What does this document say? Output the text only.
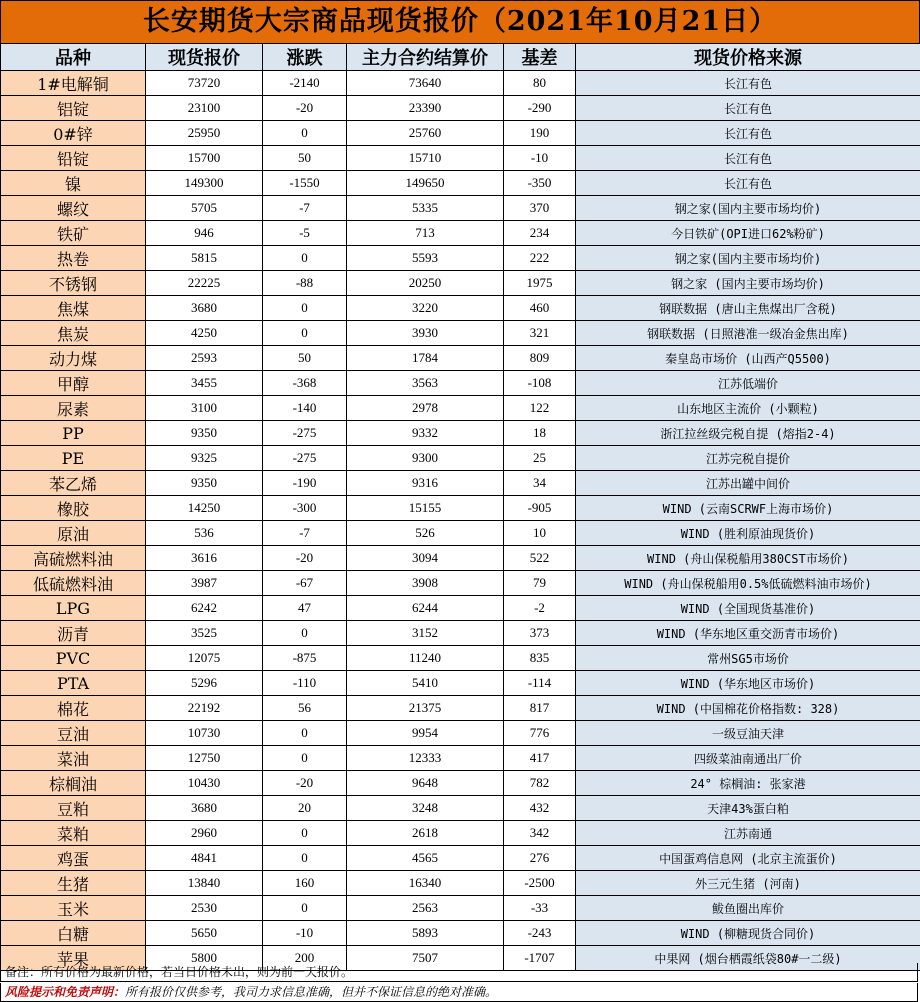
长安期货大宗商品现货报价（2021年10月21日）
品种	现货报价	涨跌	主力合约结算价	基差	现货价格来源
1#电解铜	73720	-2140	73640	80	长江有色
铝锭	23100	-20	23390	-290	长江有色
0#锌	25950	0	25760	190	长江有色
铅锭	15700	50	15710	-10	长江有色
镍	149300	-1550	149650	-350	长江有色
螺纹	5705	-7	5335	370	钢之家(国内主要市场均价)
铁矿	946	-5	713	234	今日铁矿(OPI进口62%粉矿)
热卷	5815	0	5593	222	钢之家(国内主要市场均价)
不锈钢	22225	-88	20250	1975	钢之家 (国内主要市场均价)
焦煤	3680	0	3220	460	钢联数据 (唐山主焦煤出厂含税)
焦炭	4250	0	3930	321	钢联数据 (日照港准一级冶金焦出库)
动力煤	2593	50	1784	809	秦皇岛市场价 (山西产Q5500)
甲醇	3455	-368	3563	-108	江苏低端价
尿素	3100	-140	2978	122	山东地区主流价 (小颗粒)
PP	9350	-275	9332	18	浙江拉丝级完税自提 (熔指2-4)
PE	9325	-275	9300	25	江苏完税自提价
苯乙烯	9350	-190	9316	34	江苏出罐中间价
橡胶	14250	-300	15155	-905	WIND (云南SCRWF上海市场价)
原油	536	-7	526	10	WIND (胜利原油现货价)
高硫燃料油	3616	-20	3094	522	WIND (舟山保税船用380CST市场价)
低硫燃料油	3987	-67	3908	79	WIND (舟山保税船用0.5%低硫燃料油市场价)
LPG	6242	47	6244	-2	WIND (全国现货基准价)
沥青	3525	0	3152	373	WIND (华东地区重交沥青市场价)
PVC	12075	-875	11240	835	常州SG5市场价
PTA	5296	-110	5410	-114	WIND (华东地区市场价)
棉花	22192	56	21375	817	WIND (中国棉花价格指数: 328)
豆油	10730	0	9954	776	一级豆油天津
菜油	12750	0	12333	417	四级菜油南通出厂价
棕榈油	10430	-20	9648	782	24° 棕榈油: 张家港
豆粕	3680	20	3248	432	天津43%蛋白粕
菜粕	2960	0	2618	342	江苏南通
鸡蛋	4841	0	4565	276	中国蛋鸡信息网 (北京主流蛋价)
生猪	13840	160	16340	-2500	外三元生猪 (河南)
玉米	2530	0	2563	-33	鲅鱼圈出库价
白糖	5650	-10	5893	-243	WIND (柳糖现货合同价)
苹果	5800	200	7507	-1707	中果网 (烟台栖霞纸袋80#一二级)
备注：所有价格为最新价格，若当日价格未出，则为前一天报价。
风险提示和免责声明：所有报价仅供参考，我司力求信息准确，但并不保证信息的绝对准确。
